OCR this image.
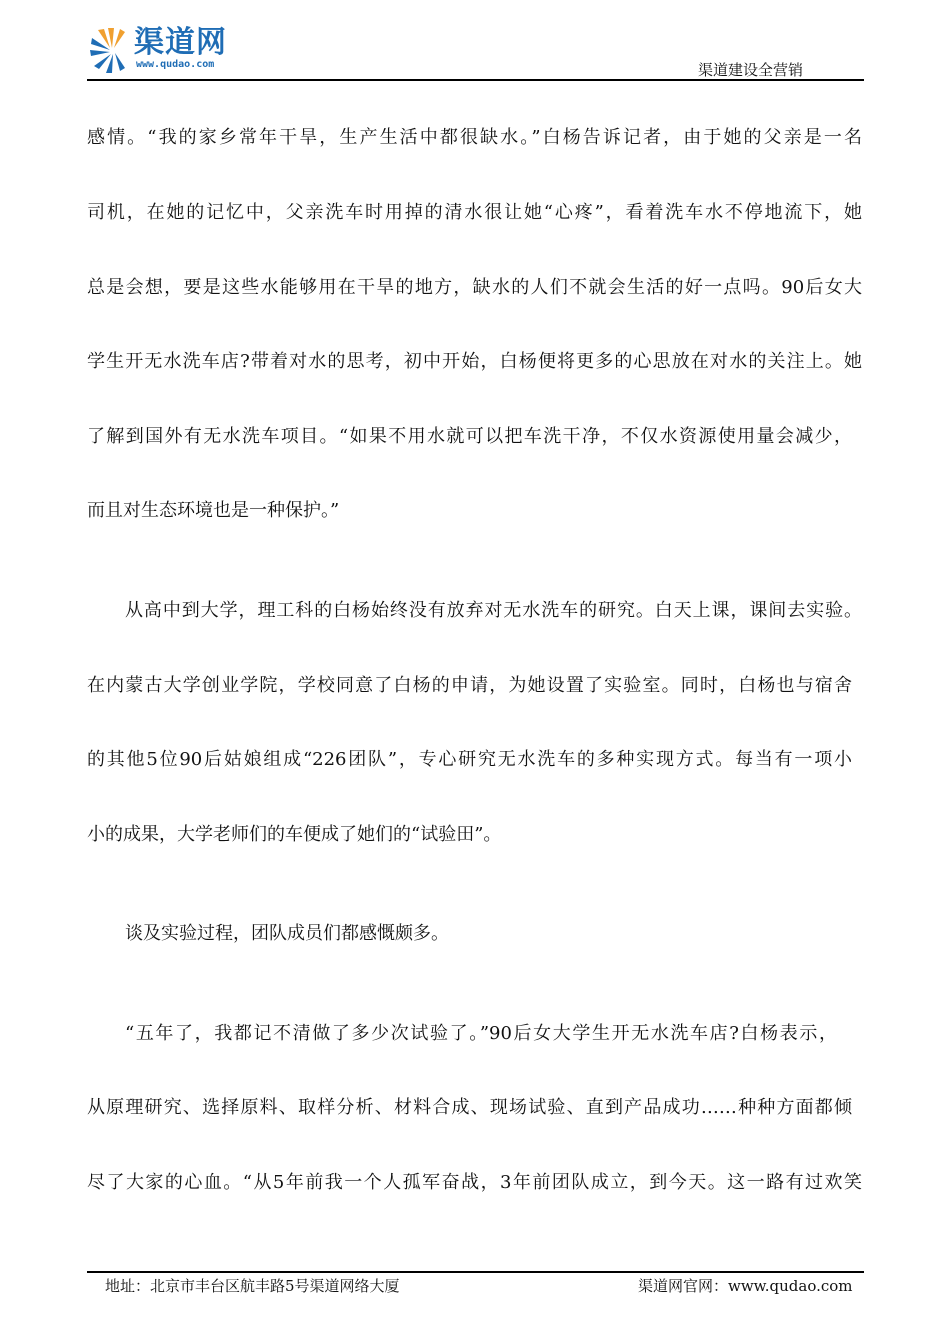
渠道网
www.qudao.com	渠道建设全营销
感情。“我的家乡常年干旱，生产生活中都很缺水。”白杨告诉记者，由于她的父亲是一名
司机，在她的记忆中，父亲洗车时用掉的清水很让她“心疼”，看着洗车水不停地流下，她
总是会想，要是这些水能够用在干旱的地方，缺水的人们不就会生活的好一点吗。90后女大
学生开无水洗车店?带着对水的思考，初中开始，白杨便将更多的心思放在对水的关注上。她
了解到国外有无水洗车项目。“如果不用水就可以把车洗干净，不仅水资源使用量会减少，
而且对生态环境也是一种保护。”
从高中到大学，理工科的白杨始终没有放弃对无水洗车的研究。白天上课，课间去实验。
在内蒙古大学创业学院，学校同意了白杨的申请，为她设置了实验室。同时，白杨也与宿舍
的其他5位90后姑娘组成“226团队”，专心研究无水洗车的多种实现方式。每当有一项小
小的成果，大学老师们的车便成了她们的“试验田”。
谈及实验过程，团队成员们都感慨颇多。
“五年了，我都记不清做了多少次试验了。”90后女大学生开无水洗车店?白杨表示，
从原理研究、选择原料、取样分析、材料合成、现场试验、直到产品成功……种种方面都倾
尽了大家的心血。“从5年前我一个人孤军奋战，3年前团队成立，到今天。这一路有过欢笑
地址：北京市丰台区航丰路5号渠道网络大厦	渠道网官网：www.qudao.com
